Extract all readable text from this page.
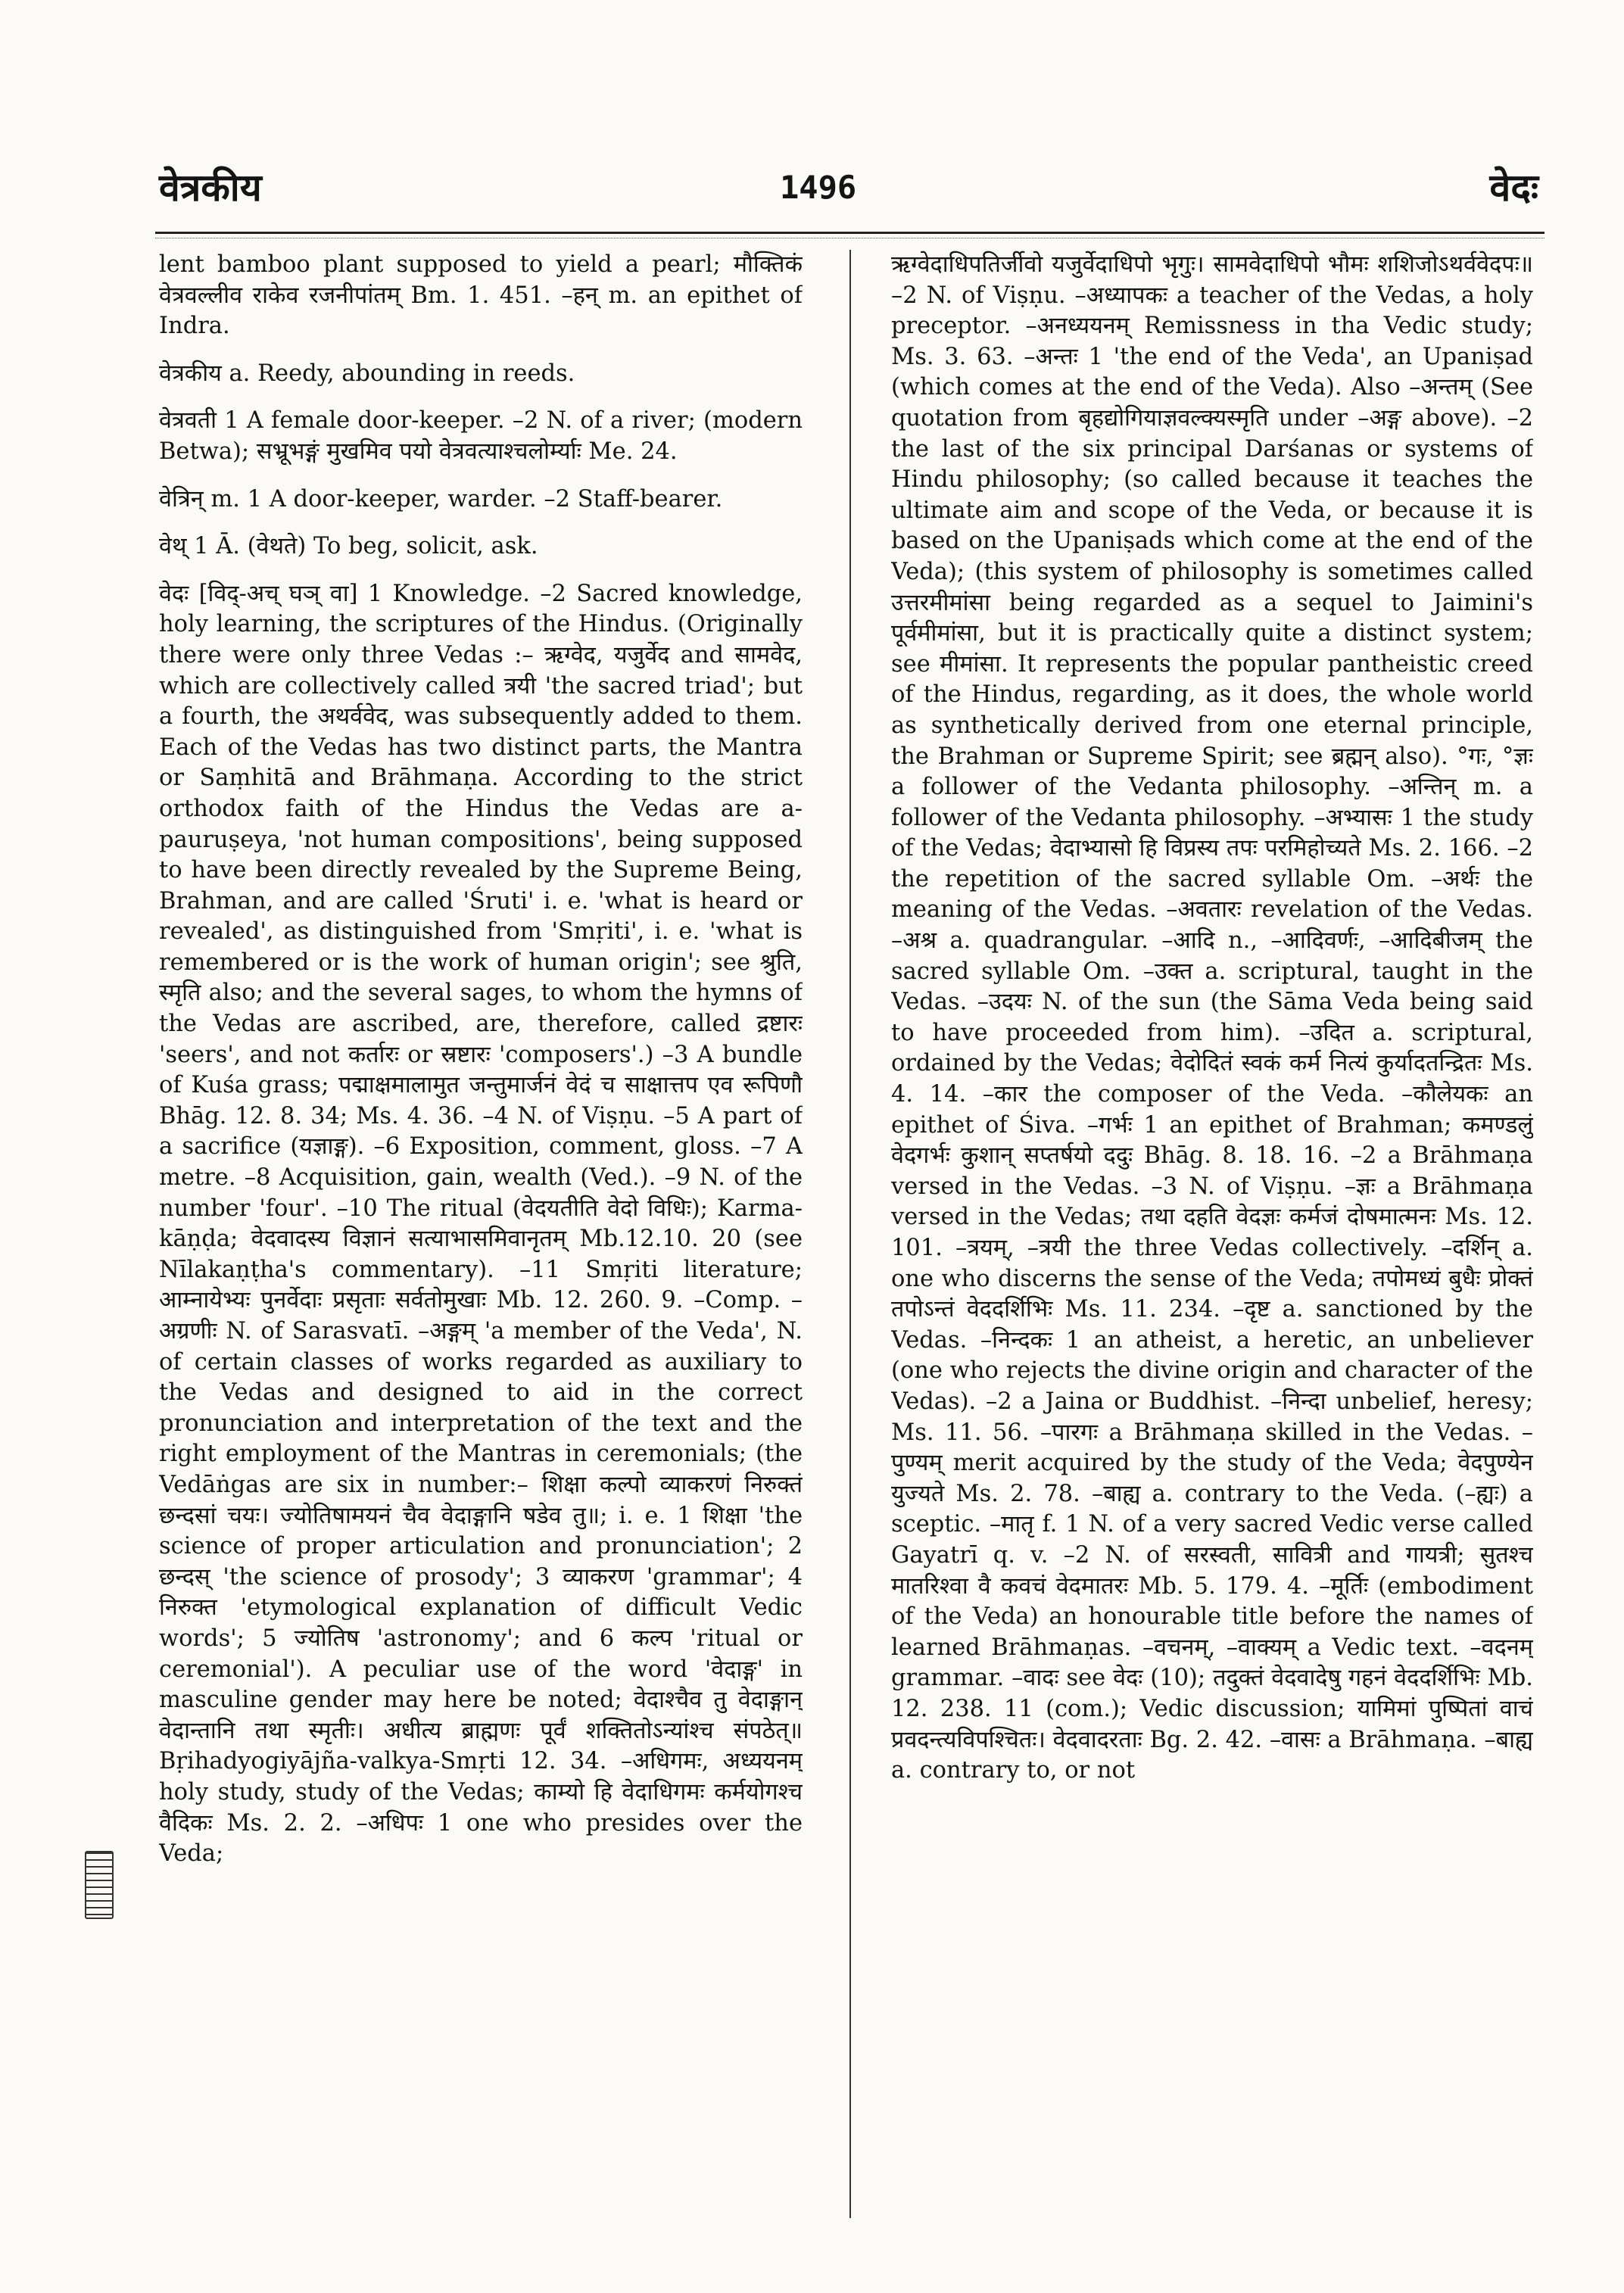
वेत्रकीय	1496	वेदः

lent bamboo plant supposed to yield a pearl; मौक्तिकं वेत्रवल्लीव राकेव रजनीपांतम् Bm. 1. 451. –हन् m. an epithet of Indra.

वेत्रकीय a. Reedy, abounding in reeds.

वेत्रवती 1 A female door-keeper. –2 N. of a river; (modern Betwa); सभ्रूभङ्गं मुखमिव पयो वेत्रवत्याश्चलोर्म्याः Me. 24.

वेत्रिन् m. 1 A door-keeper, warder. –2 Staff-bearer.

वेथ् 1 Ā. (वेथते) To beg, solicit, ask.

वेदः [विद्-अच् घञ् वा] 1 Knowledge. –2 Sacred knowledge, holy learning, the scriptures of the Hindus. (Originally there were only three Vedas :– ऋग्वेद, यजुर्वेद and सामवेद, which are collectively called त्रयी 'the sacred triad'; but a fourth, the अथर्ववेद, was subsequently added to them. Each of the Vedas has two distinct parts, the Mantra or Saṃhitā and Brāhmaṇa. According to the strict orthodox faith of the Hindus the Vedas are a-pauruṣeya, 'not human compositions', being supposed to have been directly revealed by the Supreme Being, Brahman, and are called 'Śruti' i. e. 'what is heard or revealed', as distinguished from 'Smṛiti', i. e. 'what is remembered or is the work of human origin'; see श्रुति, स्मृति also; and the several sages, to whom the hymns of the Vedas are ascribed, are, therefore, called द्रष्टारः 'seers', and not कर्तारः or स्रष्टारः 'composers'.) –3 A bundle of Kuśa grass; पद्माक्षमालामुत जन्तुमार्जनं वेदं च साक्षात्तप एव रूपिणौ Bhāg. 12. 8. 34; Ms. 4. 36. –4 N. of Viṣṇu. –5 A part of a sacrifice (यज्ञाङ्ग). –6 Exposition, comment, gloss. –7 A metre. –8 Acquisition, gain, wealth (Ved.). –9 N. of the number 'four'. –10 The ritual (वेदयतीति वेदो विधिः); Karma-kāṇḍa; वेदवादस्य विज्ञानं सत्याभासमिवानृतम् Mb.12.10. 20 (see Nīlakaṇṭha's commentary). –11 Smṛiti literature; आम्नायेभ्यः पुनर्वेदाः प्रसृताः सर्वतोमुखाः Mb. 12. 260. 9. –Comp. –अग्रणीः N. of Sarasvatī. –अङ्गम् 'a member of the Veda', N. of certain classes of works regarded as auxiliary to the Vedas and designed to aid in the correct pronunciation and interpretation of the text and the right employment of the Mantras in ceremonials; (the Vedāṅgas are six in number:– शिक्षा कल्पो व्याकरणं निरुक्तं छन्दसां चयः। ज्योतिषामयनं चैव वेदाङ्गानि षडेव तु॥; i. e. 1 शिक्षा 'the science of proper articulation and pronunciation'; 2 छन्दस् 'the science of prosody'; 3 व्याकरण 'grammar'; 4 निरुक्त 'etymological explanation of difficult Vedic words'; 5 ज्योतिष 'astronomy'; and 6 कल्प 'ritual or ceremonial'). A peculiar use of the word 'वेदाङ्ग' in masculine gender may here be noted; वेदाश्चैव तु वेदाङ्गान् वेदान्तानि तथा स्मृतीः। अधीत्य ब्राह्मणः पूर्वं शक्तितोऽन्यांश्च संपठेत्॥ Bṛihadyogiyājña-valkya-Smṛti 12. 34. –अधिगमः, अध्ययनम् holy study, study of the Vedas; काम्यो हि वेदाधिगमः कर्मयोगश्च वैदिकः Ms. 2. 2. –अधिपः 1 one who presides over the Veda;

ऋग्वेदाधिपतिर्जीवो यजुर्वेदाधिपो भृगुः। सामवेदाधिपो भौमः शशिजोऽथर्ववेदपः॥ –2 N. of Viṣṇu. –अध्यापकः a teacher of the Vedas, a holy preceptor. –अनध्ययनम् Remissness in tha Vedic study; Ms. 3. 63. –अन्तः 1 'the end of the Veda', an Upaniṣad (which comes at the end of the Veda). Also –अन्तम् (See quotation from बृहद्योगियाज्ञवल्क्यस्मृति under –अङ्ग above). –2 the last of the six principal Darśanas or systems of Hindu philosophy; (so called because it teaches the ultimate aim and scope of the Veda, or because it is based on the Upaniṣads which come at the end of the Veda); (this system of philosophy is sometimes called उत्तरमीमांसा being regarded as a sequel to Jaimini's पूर्वमीमांसा, but it is practically quite a distinct system; see मीमांसा. It represents the popular pantheistic creed of the Hindus, regarding, as it does, the whole world as synthetically derived from one eternal principle, the Brahman or Supreme Spirit; see ब्रह्मन् also). °गः, °ज्ञः a follower of the Vedanta philosophy. –अन्तिन् m. a follower of the Vedanta philosophy. –अभ्यासः 1 the study of the Vedas; वेदाभ्यासो हि विप्रस्य तपः परमिहोच्यते Ms. 2. 166. –2 the repetition of the sacred syllable Om. –अर्थः the meaning of the Vedas. –अवतारः revelation of the Vedas. –अश्र a. quadrangular. –आदि n., –आदिवर्णः, –आदिबीजम् the sacred syllable Om. –उक्त a. scriptural, taught in the Vedas. –उदयः N. of the sun (the Sāma Veda being said to have proceeded from him). –उदित a. scriptural, ordained by the Vedas; वेदोदितं स्वकं कर्म नित्यं कुर्यादतन्द्रितः Ms. 4. 14. –कार the composer of the Veda. –कौलेयकः an epithet of Śiva. –गर्भः 1 an epithet of Brahman; कमण्डलुं वेदगर्भः कुशान् सप्तर्षयो ददुः Bhāg. 8. 18. 16. –2 a Brāhmaṇa versed in the Vedas. –3 N. of Viṣṇu. –ज्ञः a Brāhmaṇa versed in the Vedas; तथा दहति वेदज्ञः कर्मजं दोषमात्मनः Ms. 12. 101. –त्रयम्, –त्रयी the three Vedas collectively. –दर्शिन् a. one who discerns the sense of the Veda; तपोमध्यं बुधैः प्रोक्तं तपोऽन्तं वेददर्शिभिः Ms. 11. 234. –दृष्ट a. sanctioned by the Vedas. –निन्दकः 1 an atheist, a heretic, an unbeliever (one who rejects the divine origin and character of the Vedas). –2 a Jaina or Buddhist. –निन्दा unbelief, heresy; Ms. 11. 56. –पारगः a Brāhmaṇa skilled in the Vedas. –पुण्यम् merit acquired by the study of the Veda; वेदपुण्येन युज्यते Ms. 2. 78. –बाह्य a. contrary to the Veda. (–ह्यः) a sceptic. –मातृ f. 1 N. of a very sacred Vedic verse called Gayatrī q. v. –2 N. of सरस्वती, सावित्री and गायत्री; सुतश्च मातरिश्वा वै कवचं वेदमातरः Mb. 5. 179. 4. –मूर्तिः (embodiment of the Veda) an honourable title before the names of learned Brāhmaṇas. –वचनम्, –वाक्यम् a Vedic text. –वदनम् grammar. –वादः see वेदः (10); तदुक्तं वेदवादेषु गहनं वेददर्शिभिः Mb. 12. 238. 11 (com.); Vedic discussion; यामिमां पुष्पितां वाचं प्रवदन्त्यविपश्चितः। वेदवादरताः Bg. 2. 42. –वासः a Brāhmaṇa. –बाह्य a. contrary to, or not
